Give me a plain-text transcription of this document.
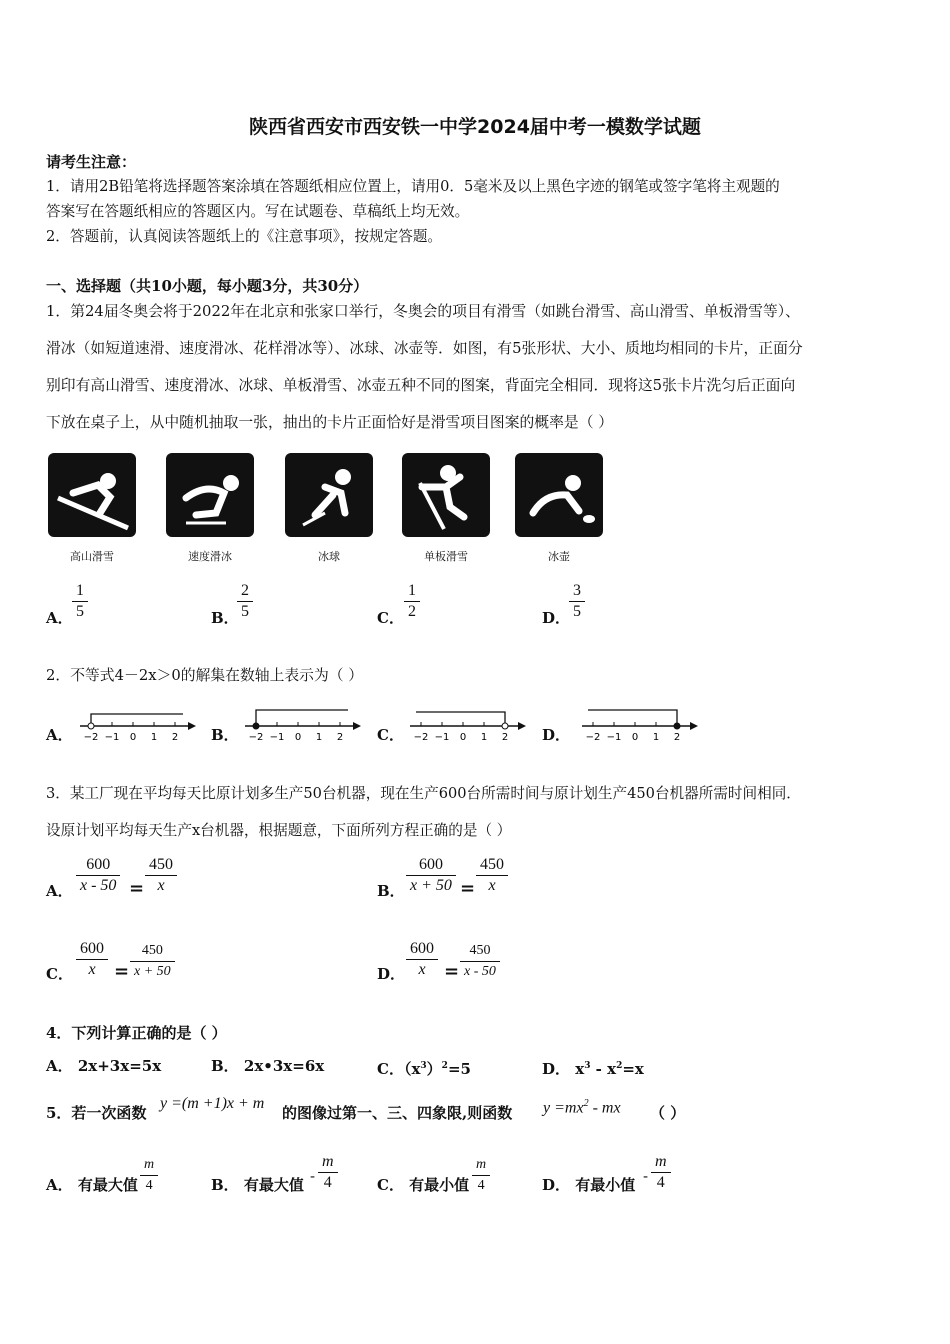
陕西省西安市西安铁一中学2024届中考一模数学试题
请考生注意：
1．请用2B铅笔将选择题答案涂填在答题纸相应位置上，请用0．5毫米及以上黑色字迹的钢笔或签字笔将主观题的
答案写在答题纸相应的答题区内。写在试题卷、草稿纸上均无效。
2．答题前，认真阅读答题纸上的《注意事项》，按规定答题。
一、选择题（共10小题，每小题3分，共30分）
1．第24届冬奥会将于2022年在北京和张家口举行，冬奥会的项目有滑雪（如跳台滑雪、高山滑雪、单板滑雪等）、
滑冰（如短道速滑、速度滑冰、花样滑冰等）、冰球、冰壶等．如图，有5张形状、大小、质地均相同的卡片，正面分
别印有高山滑雪、速度滑冰、冰球、单板滑雪、冰壶五种不同的图案，背面完全相同．现将这5张卡片洗匀后正面向
下放在桌子上，从中随机抽取一张，抽出的卡片正面恰好是滑雪项目图案的概率是（ ）
高山滑雪	速度滑冰	冰球	单板滑雪	冰壶
A．
1
5	B．
2
5	C．
1
2	D．
3
5
2．不等式4－2x＞0的解集在数轴上表示为（ ）
A． −2 −1 0 1 2 B． −2 −1 0 1 2 C． −2 −1 0 1 2 D． −2 −1 0 1 2
3．某工厂现在平均每天比原计划多生产50台机器，现在生产600台所需时间与原计划生产450台机器所需时间相同．
设原计划平均每天生产x台机器，根据题意，下面所列方程正确的是（ ）
A．
600
x - 50 =
450
x	B．
600
x + 50 =
450
x
C．
600
x =
450
x + 50	D．
600
x =
450
x - 50
4．下列计算正确的是（ ）
A． 2x+3x=5x	B． 2x•3x=6x	C．$(x^3)^2=5$	D． $x^3 - x^2=x$
5．若一次函数
y =(m +1)x + m
的图像过第一、三、四象限,则函数 $y =mx^2$ - mx （ ）
A． 有最大值
m
4	B． 有最大值 -
m
4	C． 有最小值
m
4	D． 有最小值 -
m
4
